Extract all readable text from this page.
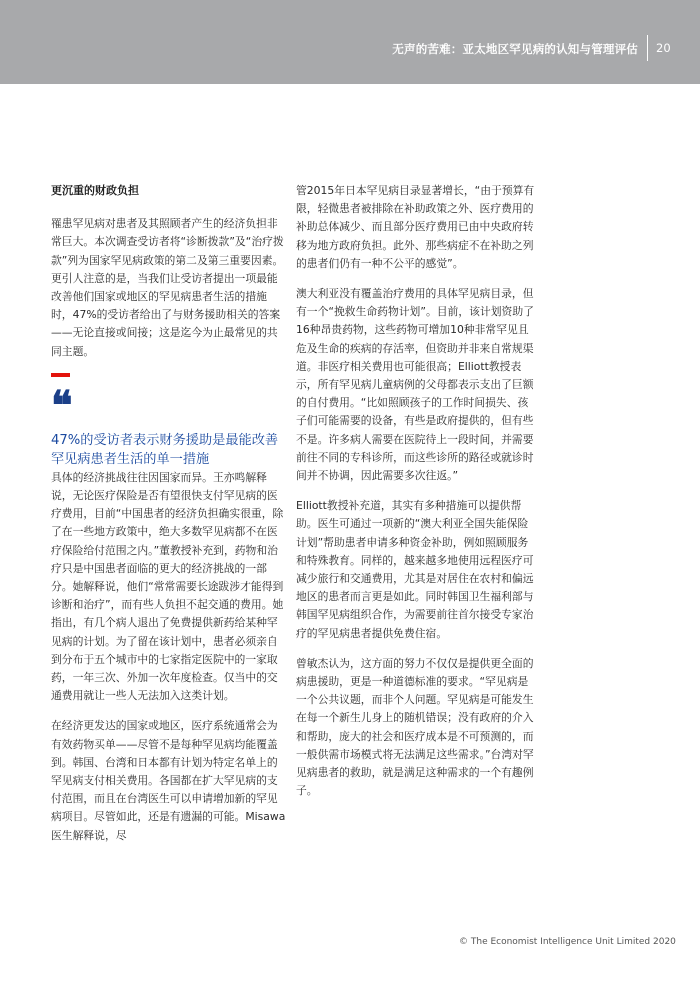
无声的苦难：亚太地区罕见病的认知与管理评估 20
更沉重的财政负担

罹患罕见病对患者及其照顾者产生的经济负担非常巨大。本次调查受访者将“诊断拨款”及“治疗拨款”列为国家罕见病政策的第二及第三重要因素。更引人注意的是，当我们让受访者提出一项最能改善他们国家或地区的罕见病患者生活的措施时，47%的受访者给出了与财务援助相关的答案——无论直接或间接；这是迄今为止最常见的共同主题。

❝

47%的受访者表示财务援助是最能改善罕见病患者生活的单一措施

具体的经济挑战往往因国家而异。王亦鸣解释说，无论医疗保险是否有望很快支付罕见病的医疗费用，目前“中国患者的经济负担确实很重，除了在一些地方政策中，绝大多数罕见病都不在医疗保险给付范围之内。”董教授补充到，药物和治疗只是中国患者面临的更大的经济挑战的一部分。她解释说，他们“常常需要长途跋涉才能得到诊断和治疗”，而有些人负担不起交通的费用。她指出，有几个病人退出了免费提供新药给某种罕见病的计划。为了留在该计划中，患者必须亲自到分布于五个城市中的七家指定医院中的一家取药，一年三次、外加一次年度检查。仅当中的交通费用就让一些人无法加入这类计划。

在经济更发达的国家或地区，医疗系统通常会为有效药物买单——尽管不是每种罕见病均能覆盖到。韩国、台湾和日本都有计划为特定名单上的罕见病支付相关费用。各国都在扩大罕见病的支付范围，而且在台湾医生可以申请增加新的罕见病项目。尽管如此，还是有遗漏的可能。Misawa医生解释说，尽

管2015年日本罕见病目录显著增长，“由于预算有限，轻微患者被排除在补助政策之外、医疗费用的补助总体减少、而且部分医疗费用已由中央政府转移为地方政府负担。此外、那些病症不在补助之列的患者们仍有一种不公平的感觉”。

澳大利亚没有覆盖治疗费用的具体罕见病目录，但有一个“挽救生命药物计划”。目前，该计划资助了16种昂贵药物，这些药物可增加10种非常罕见且危及生命的疾病的存活率，但资助并非来自常规渠道。非医疗相关费用也可能很高；Elliott教授表示，所有罕见病儿童病例的父母都表示支出了巨额的自付费用。“比如照顾孩子的工作时间损失、孩子们可能需要的设备，有些是政府提供的，但有些不是。许多病人需要在医院待上一段时间，并需要前往不同的专科诊所，而这些诊所的路径或就诊时间并不协调，因此需要多次往返。”

Elliott教授补充道，其实有多种措施可以提供帮助。医生可通过一项新的“澳大利亚全国失能保险计划”帮助患者申请多种资金补助，例如照顾服务和特殊教育。同样的，越来越多地使用远程医疗可减少旅行和交通费用，尤其是对居住在农村和偏远地区的患者而言更是如此。同时韩国卫生福利部与韩国罕见病组织合作，为需要前往首尔接受专家治疗的罕见病患者提供免费住宿。

曾敏杰认为，这方面的努力不仅仅是提供更全面的病患援助，更是一种道德标准的要求。“罕见病是一个公共议题，而非个人问题。罕见病是可能发生在每一个新生儿身上的随机错误；没有政府的介入和帮助，庞大的社会和医疗成本是不可预测的，而一般供需市场模式将无法满足这些需求。”台湾对罕见病患者的救助，就是满足这种需求的一个有趣例子。

© The Economist Intelligence Unit Limited 2020
